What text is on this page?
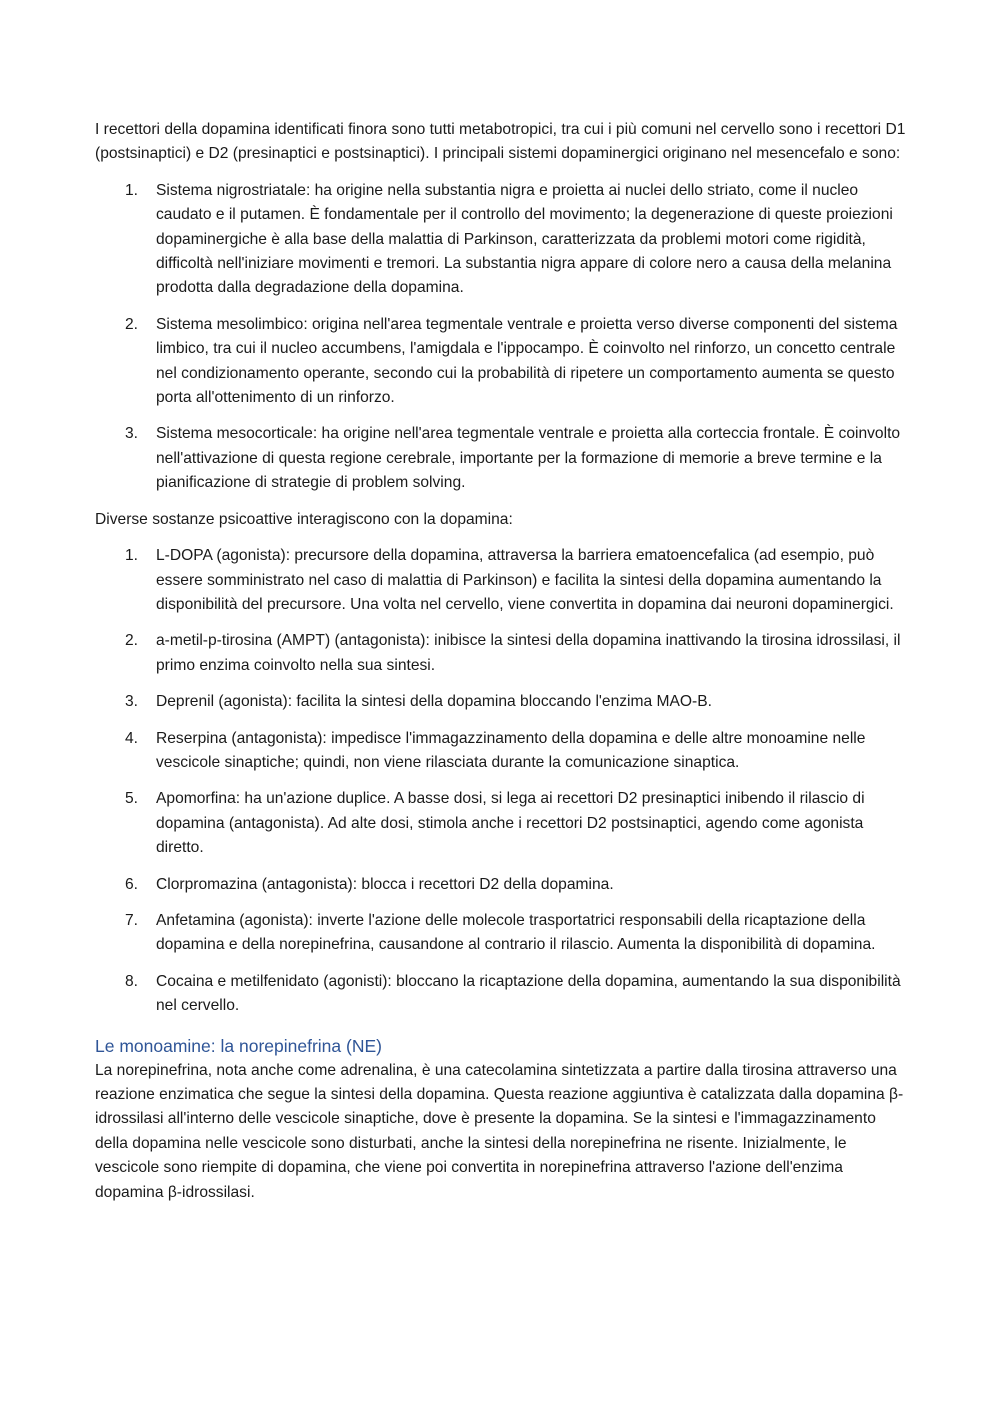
I recettori della dopamina identificati finora sono tutti metabotropici, tra cui i più comuni nel cervello sono i recettori D1 (postsinaptici) e D2 (presinaptici e postsinaptici). I principali sistemi dopaminergici originano nel mesencefalo e sono:

1. Sistema nigrostriatale: ha origine nella substantia nigra e proietta ai nuclei dello striato, come il nucleo caudato e il putamen. È fondamentale per il controllo del movimento; la degenerazione di queste proiezioni dopaminergiche è alla base della malattia di Parkinson, caratterizzata da problemi motori come rigidità, difficoltà nell'iniziare movimenti e tremori. La substantia nigra appare di colore nero a causa della melanina prodotta dalla degradazione della dopamina.
2. Sistema mesolimbico: origina nell'area tegmentale ventrale e proietta verso diverse componenti del sistema limbico, tra cui il nucleo accumbens, l'amigdala e l'ippocampo. È coinvolto nel rinforzo, un concetto centrale nel condizionamento operante, secondo cui la probabilità di ripetere un comportamento aumenta se questo porta all'ottenimento di un rinforzo.
3. Sistema mesocorticale: ha origine nell'area tegmentale ventrale e proietta alla corteccia frontale. È coinvolto nell'attivazione di questa regione cerebrale, importante per la formazione di memorie a breve termine e la pianificazione di strategie di problem solving.

Diverse sostanze psicoattive interagiscono con la dopamina:

1. L-DOPA (agonista): precursore della dopamina, attraversa la barriera ematoencefalica (ad esempio, può essere somministrato nel caso di malattia di Parkinson) e facilita la sintesi della dopamina aumentando la disponibilità del precursore. Una volta nel cervello, viene convertita in dopamina dai neuroni dopaminergici.
2. a-metil-p-tirosina (AMPT) (antagonista): inibisce la sintesi della dopamina inattivando la tirosina idrossilasi, il primo enzima coinvolto nella sua sintesi.
3. Deprenil (agonista): facilita la sintesi della dopamina bloccando l'enzima MAO-B.
4. Reserpina (antagonista): impedisce l'immagazzinamento della dopamina e delle altre monoamine nelle vescicole sinaptiche; quindi, non viene rilasciata durante la comunicazione sinaptica.
5. Apomorfina: ha un'azione duplice. A basse dosi, si lega ai recettori D2 presinaptici inibendo il rilascio di dopamina (antagonista). Ad alte dosi, stimola anche i recettori D2 postsinaptici, agendo come agonista diretto.
6. Clorpromazina (antagonista): blocca i recettori D2 della dopamina.
7. Anfetamina (agonista): inverte l'azione delle molecole trasportatrici responsabili della ricaptazione della dopamina e della norepinefrina, causandone al contrario il rilascio. Aumenta la disponibilità di dopamina.
8. Cocaina e metilfenidato (agonisti): bloccano la ricaptazione della dopamina, aumentando la sua disponibilità nel cervello.
Le monoamine: la norepinefrina (NE)

La norepinefrina, nota anche come adrenalina, è una catecolamina sintetizzata a partire dalla tirosina attraverso una reazione enzimatica che segue la sintesi della dopamina. Questa reazione aggiuntiva è catalizzata dalla dopamina β-idrossilasi all'interno delle vescicole sinaptiche, dove è presente la dopamina. Se la sintesi e l'immagazzinamento della dopamina nelle vescicole sono disturbati, anche la sintesi della norepinefrina ne risente. Inizialmente, le vescicole sono riempite di dopamina, che viene poi convertita in norepinefrina attraverso l'azione dell'enzima dopamina β-idrossilasi.
